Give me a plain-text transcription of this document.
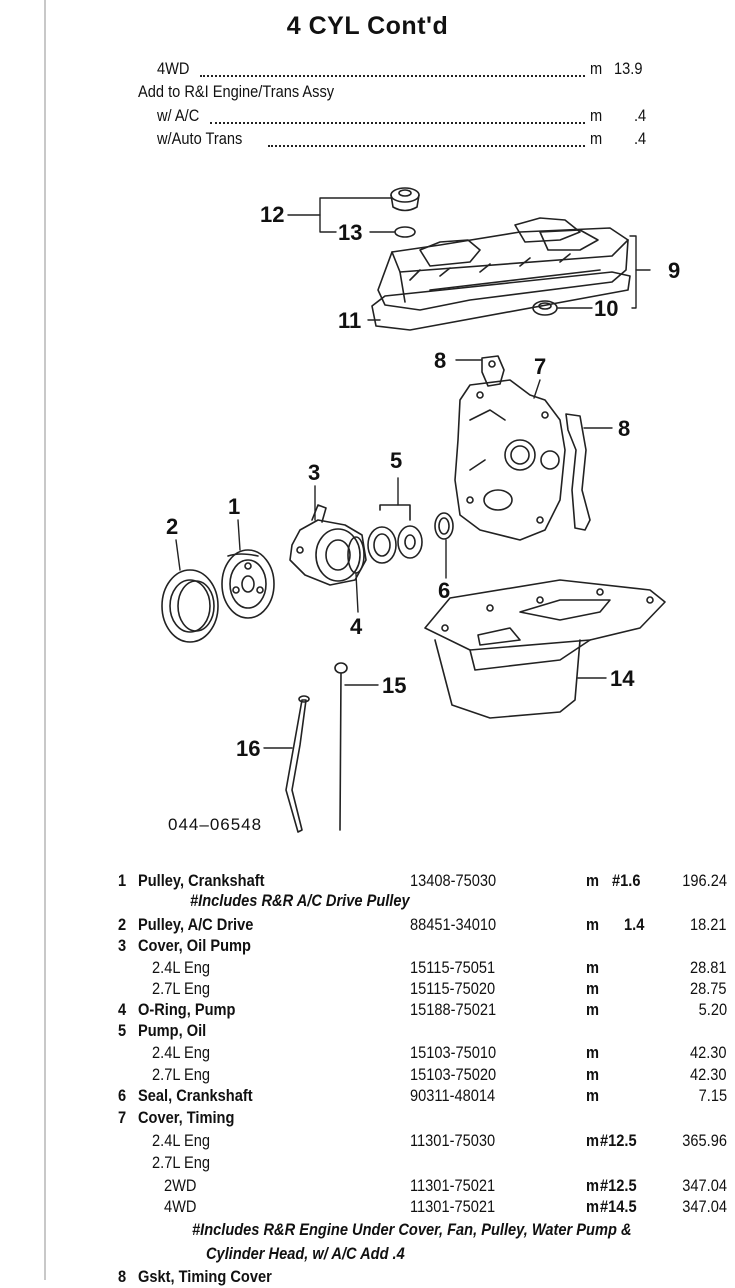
4 CYL Cont'd
4WD	m 13.9
Add to R&I Engine/Trans Assy
w/ A/C	m .4
w/Auto Trans	m .4
1
2
3
4
5
6
7
8
8
9
10
11
12
13
14
15
16
044–06548
1 Pulley, Crankshaft	13408-75030	m #1.6 196.24
#Includes R&R A/C Drive Pulley
2 Pulley, A/C Drive	88451-34010	m 1.4	18.21
3 Cover, Oil Pump
2.4L Eng	15115-75051	m	28.81
2.7L Eng	15115-75020	m	28.75
4 O-Ring, Pump	15188-75021	m	5.20
5 Pump, Oil
2.4L Eng	15103-75010	m	42.30
2.7L Eng	15103-75020	m	42.30
6 Seal, Crankshaft	90311-48014	m	7.15
7 Cover, Timing
2.4L Eng	11301-75030	m #12.5	365.96
2.7L Eng
2WD	11301-75021	m #12.5	347.04
4WD	11301-75021	m #14.5	347.04
#Includes R&R Engine Under Cover, Fan, Pulley, Water Pump &
Cylinder Head, w/ A/C Add .4
8 Gskt, Timing Cover
